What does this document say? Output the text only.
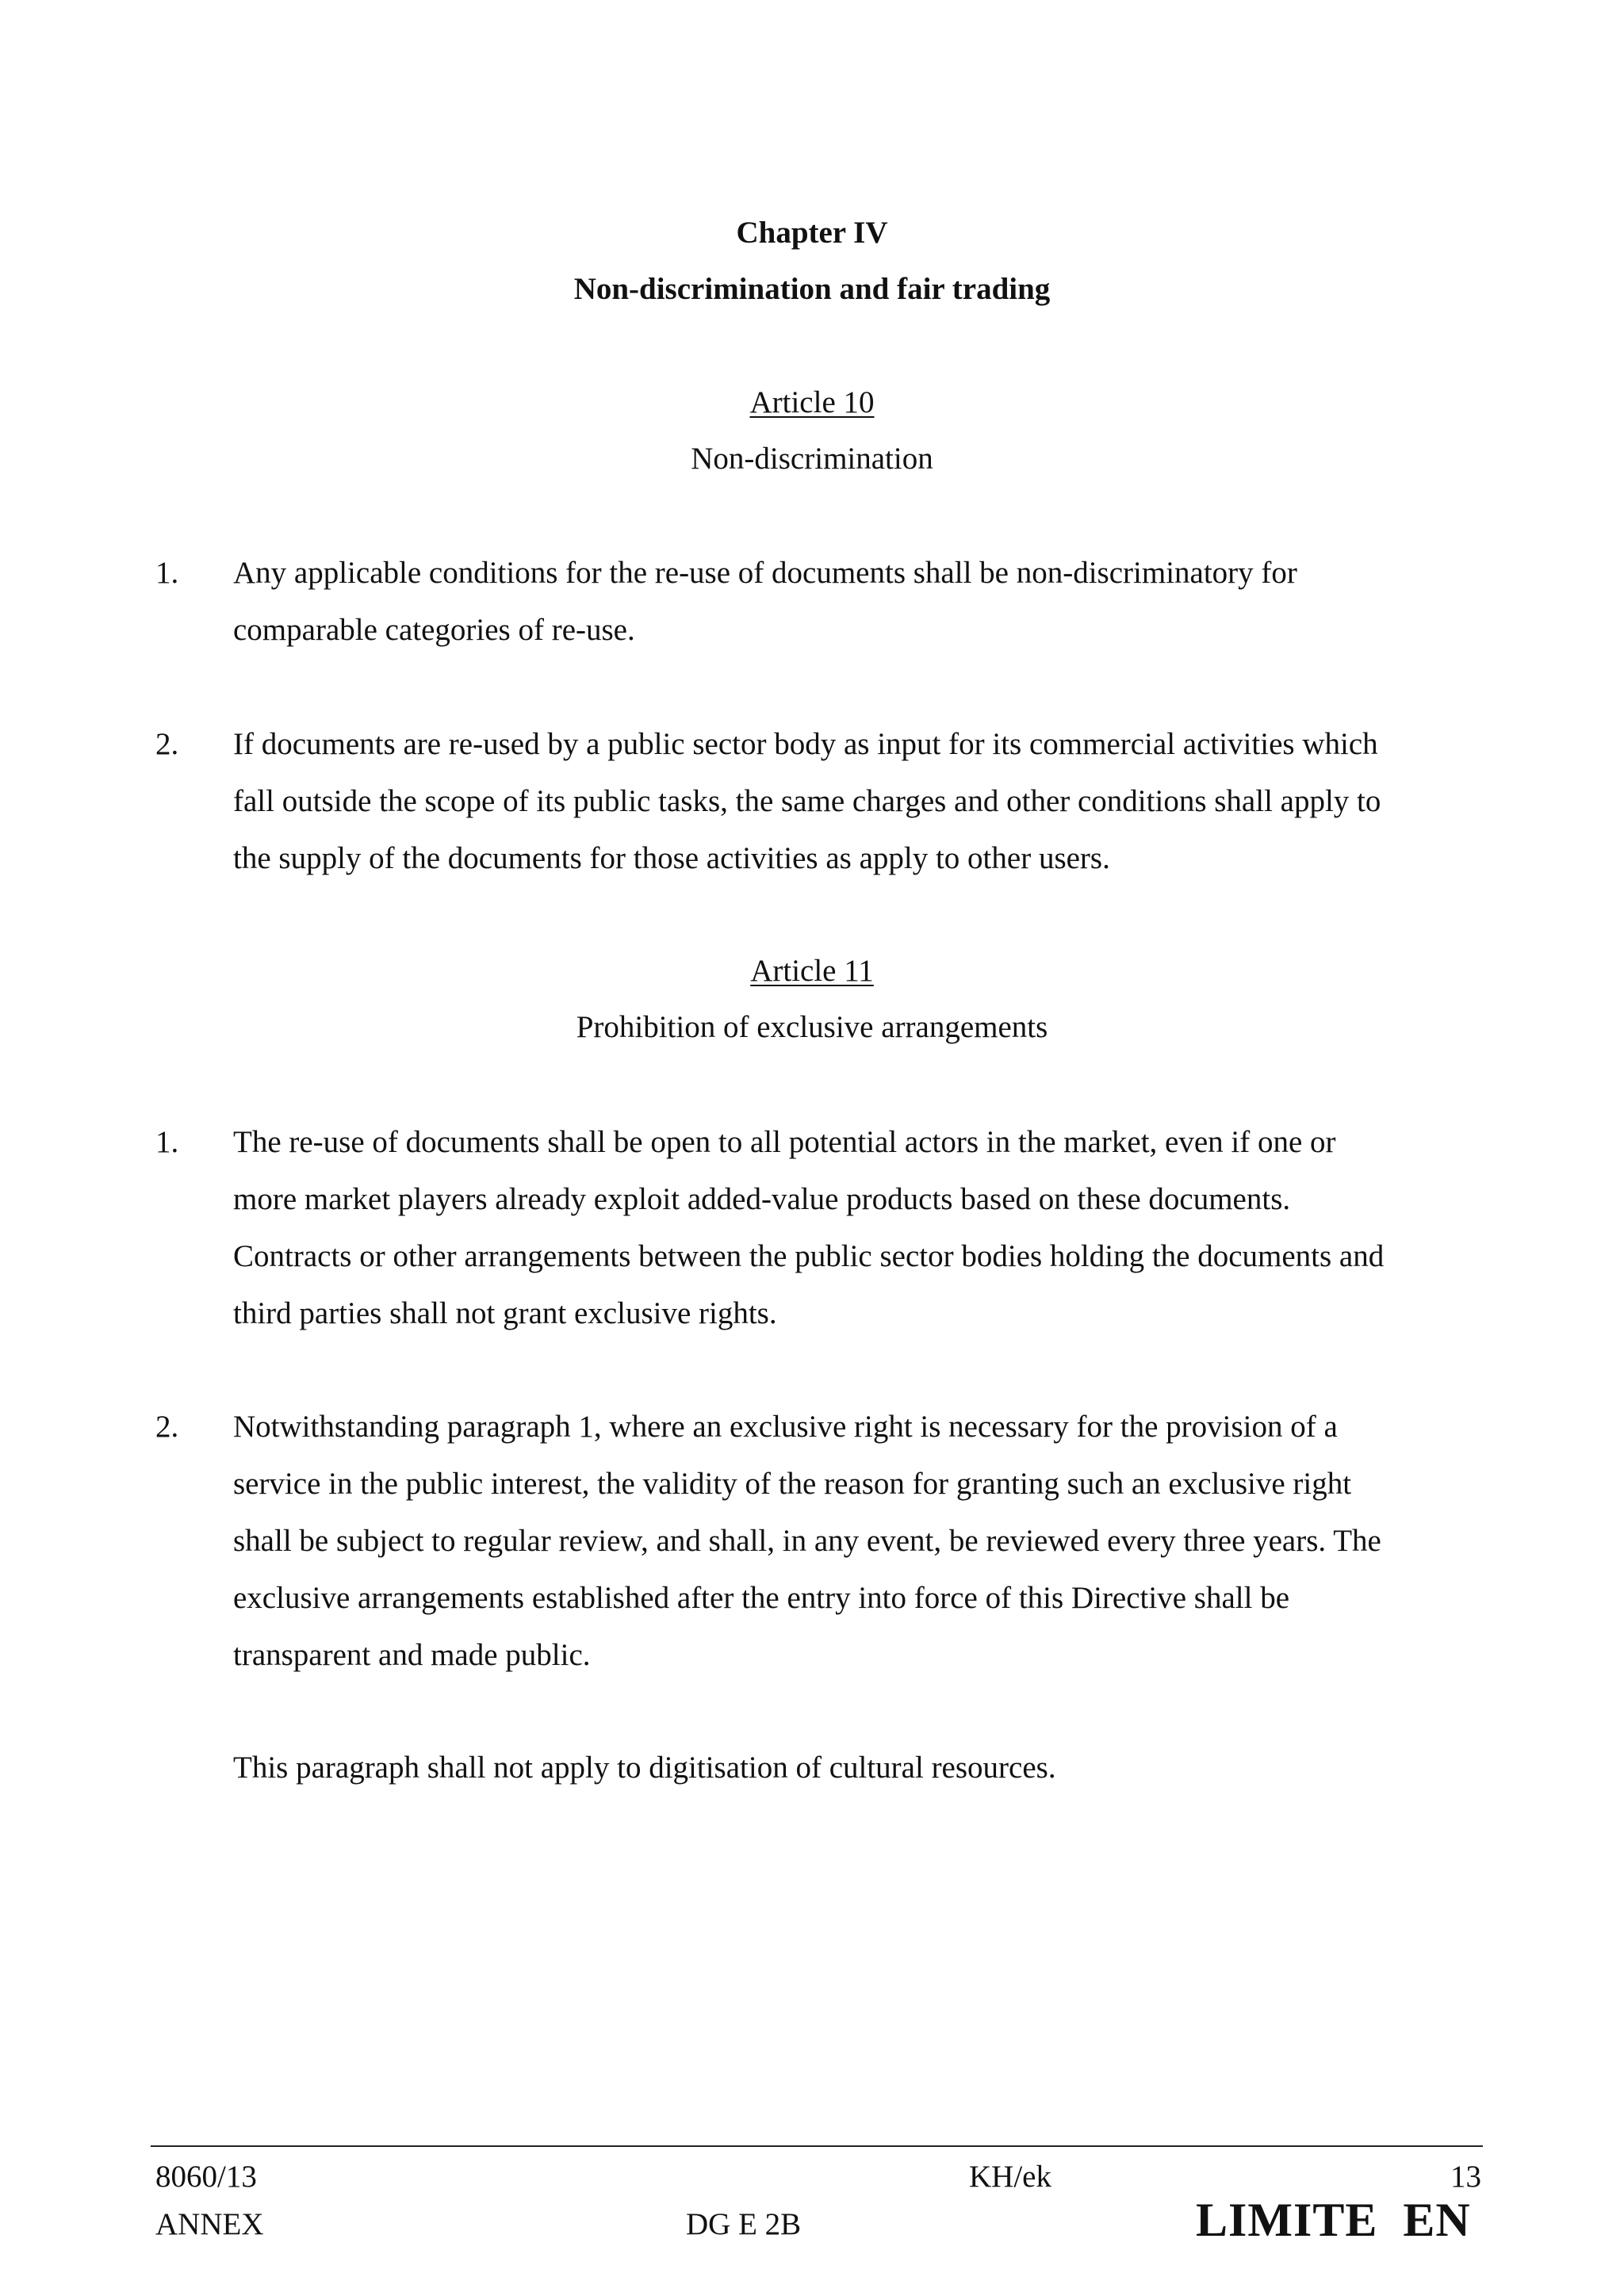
Chapter IV
Non-discrimination and fair trading
Article 10
Non-discrimination
1. Any applicable conditions for the re-use of documents shall be non-discriminatory for
comparable categories of re-use.
2. If documents are re-used by a public sector body as input for its commercial activities which
fall outside the scope of its public tasks, the same charges and other conditions shall apply to
the supply of the documents for those activities as apply to other users.
Article 11
Prohibition of exclusive arrangements
1. The re-use of documents shall be open to all potential actors in the market, even if one or
more market players already exploit added-value products based on these documents.
Contracts or other arrangements between the public sector bodies holding the documents and
third parties shall not grant exclusive rights.
2. Notwithstanding paragraph 1, where an exclusive right is necessary for the provision of a
service in the public interest, the validity of the reason for granting such an exclusive right
shall be subject to regular review, and shall, in any event, be reviewed every three years. The
exclusive arrangements established after the entry into force of this Directive shall be
transparent and made public.
This paragraph shall not apply to digitisation of cultural resources.
8060/13
ANNEX
KH/ek
DG E 2B
13
LIMITE EN
